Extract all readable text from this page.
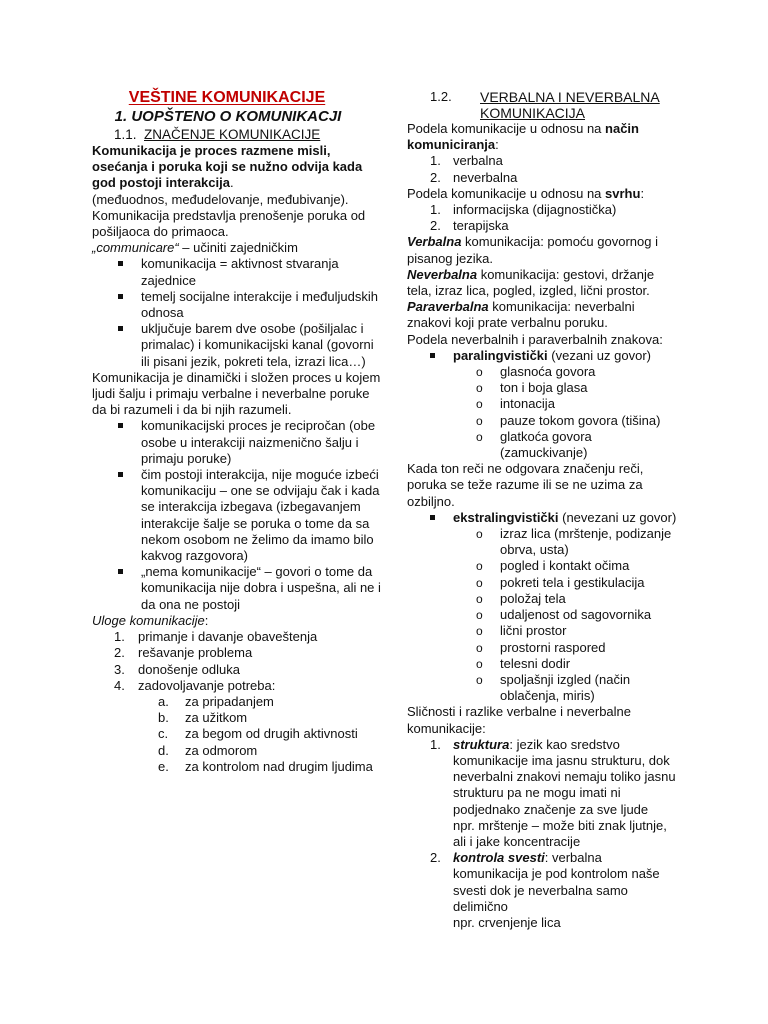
VEŠTINE KOMUNIKACIJE

1. UOPŠTENO O KOMUNIKACJI

1.1. ZNAČENJE KOMUNIKACIJE

Komunikacija je proces razmene misli, osećanja i poruka koji se nužno odvija kada god postoji interakcija.

(međuodnos, međudelovanje, međubivanje).

Komunikacija predstavlja prenošenje poruka od pošiljaoca do primaoca.

„communicare“ – učiniti zajedničkim

komunikacija = aktivnost stvaranja zajednice
temelj socijalne interakcije i međuljudskih odnosa
uključuje barem dve osobe (pošiljalac i primalac) i komunikacijski kanal (govorni ili pisani jezik, pokreti tela, izrazi lica…)

Komunikacija je dinamički i složen proces u kojem ljudi šalju i primaju verbalne i neverbalne poruke da bi razumeli i da bi njih razumeli.

komunikacijski proces je recipročan (obe osobe u interakciji naizmenično šalju i primaju poruke)
čim postoji interakcija, nije moguće izbeći komunikaciju – one se odvijaju čak i kada se interakcija izbegava (izbegavanjem interakcije šalje se poruka o tome da sa nekom osobom ne želimo da imamo bilo kakvog razgovora)
„nema komunikacije“ – govori o tome da komunikacija nije dobra i uspešna, ali ne i da ona ne postoji

Uloge komunikacije:

1. primanje i davanje obaveštenja
2. rešavanje problema
3. donošenje odluka
4. zadovoljavanje potreba:
a. za pripadanjem
b. za užitkom
c. za begom od drugih aktivnosti
d. za odmorom
e. za kontrolom nad drugim ljudima
1.2.	VERBALNA I NEVERBALNA KOMUNIKACIJA

Podela komunikacije u odnosu na način komuniciranja:

1. verbalna
2. neverbalna

Podela komunikacije u odnosu na svrhu:

1. informacijska (dijagnostička)
2. terapijska

Verbalna komunikacija: pomoću govornog i pisanog jezika.

Neverbalna komunikacija: gestovi, držanje tela, izraz lica, pogled, izgled, lični prostor.

Paraverbalna komunikacija: neverbalni znakovi koji prate verbalnu poruku.

Podela neverbalnih i paraverbalnih znakova:

paralingvistički (vezani uz govor)
o glasnoća govora
o ton i boja glasa
o intonacija
o pauze tokom govora (tišina)
o glatkoća govora (zamuckivanje)

Kada ton reči ne odgovara značenju reči, poruka se teže razume ili se ne uzima za ozbiljno.

ekstralingvistički (nevezani uz govor)
o izraz lica (mrštenje, podizanje obrva, usta)
o pogled i kontakt očima
o pokreti tela i gestikulacija
o položaj tela
o udaljenost od sagovornika
o lični prostor
o prostorni raspored
o telesni dodir
o spoljašnji izgled (način oblačenja, miris)

Sličnosti i razlike verbalne i neverbalne komunikacije:

1. struktura: jezik kao sredstvo komunikacije ima jasnu strukturu, dok neverbalni znakovi nemaju toliko jasnu strukturu pa ne mogu imati ni podjednako značenje za sve ljude
npr. mrštenje – može biti znak ljutnje, ali i jake koncentracije
2. kontrola svesti: verbalna komunikacija je pod kontrolom naše svesti dok je neverbalna samo delimično
npr. crvenjenje lica
